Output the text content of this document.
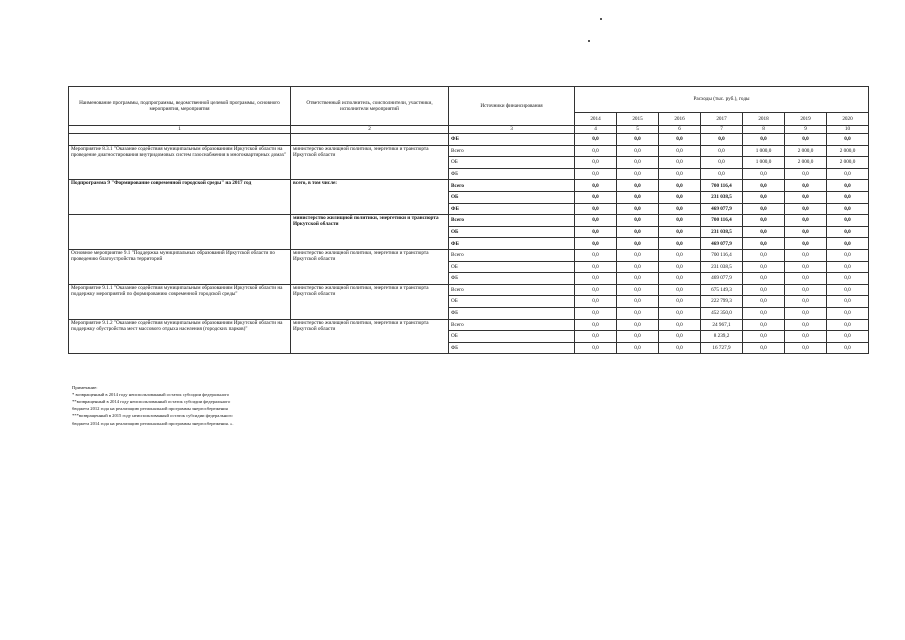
Наименование программы, подпрограммы, ведомственной целевой программы, основного мероприятия, мероприятия	Ответственный исполнитель, соисполнители, участники, исполнители мероприятий	Источники финансирования	Расходы (тыс. руб.), годы						
			2014	2015	2016	2017	2018	2019	2020
1	2	3	4	5	6	7	8	9	10
		ФБ	0,0	0,0	0,0	0,0	0,0	0,0	0,0
Мероприятие 8.3.1 "Оказание содействия муниципальным образованиям Иркутской области на проведение диагностирования внутридомовых систем газоснабжения в многоквартирных домах"	министерство жилищной политики, энергетики и транспорта Иркутской области	Всего	0,0	0,0	0,0	0,0	1 000,0	2 000,0	2 000,0
		ОБ	0,0	0,0	0,0	0,0	1 000,0	2 000,0	2 000,0
		ФБ	0,0	0,0	0,0	0,0	0,0	0,0	0,0
Подпрограмма 9 "Формирование современной городской среды" на 2017 год	всего, в том числе:	Всего	0,0	0,0	0,0	700 116,4	0,0	0,0	0,0
		ОБ	0,0	0,0	0,0	231 038,5	0,0	0,0	0,0
		ФБ	0,0	0,0	0,0	469 077,9	0,0	0,0	0,0
	министерство жилищной политики, энергетики и транспорта Иркутской области	Всего	0,0	0,0	0,0	700 116,4	0,0	0,0	0,0
		ОБ	0,0	0,0	0,0	231 038,5	0,0	0,0	0,0
		ФБ	0,0	0,0	0,0	469 077,9	0,0	0,0	0,0
Основное мероприятие 9.1 "Поддержка муниципальных образований Иркутской области по проведению благоустройства территорий	министерство жилищной политики, энергетики и транспорта Иркутской области	Всего	0,0	0,0	0,0	700 116,4	0,0	0,0	0,0
		ОБ	0,0	0,0	0,0	231 038,5	0,0	0,0	0,0
		ФБ	0,0	0,0	0,0	469 077,9	0,0	0,0	0,0
Мероприятие 9.1.1 "Оказание содействия муниципальным образованиям Иркутской области на поддержку мероприятий по формированию современной городской среды"	министерство жилищной политики, энергетики и транспорта Иркутской области	Всего	0,0	0,0	0,0	675 149,3	0,0	0,0	0,0
		ОБ	0,0	0,0	0,0	222 799,3	0,0	0,0	0,0
		ФБ	0,0	0,0	0,0	452 350,0	0,0	0,0	0,0
Мероприятие 9.1.2 "Оказание содействия муниципальным образованиям Иркутской области на поддержку обустройства мест массового отдыха населения (городских парков)"	министерство жилищной политики, энергетики и транспорта Иркутской области	Всего	0,0	0,0	0,0	24 967,1	0,0	0,0	0,0
		ОБ	0,0	0,0	0,0	8 239,2	0,0	0,0	0,0
		ФБ	0,0	0,0	0,0	16 727,9	0,0	0,0	0,0
Примечание:
* возвращенный в 2014 году неиспользованный остаток субсидии федерального
**возвращенный в 2014 году неиспользованный остаток субсидии федерального
бюджета 2012 года на реализацию региональной программы энергосбережения
***возвращенный в 2015 году неиспользованный остаток субсидии федерального
бюджета 2014 года на реализацию региональной программы энергосбережения. ».
